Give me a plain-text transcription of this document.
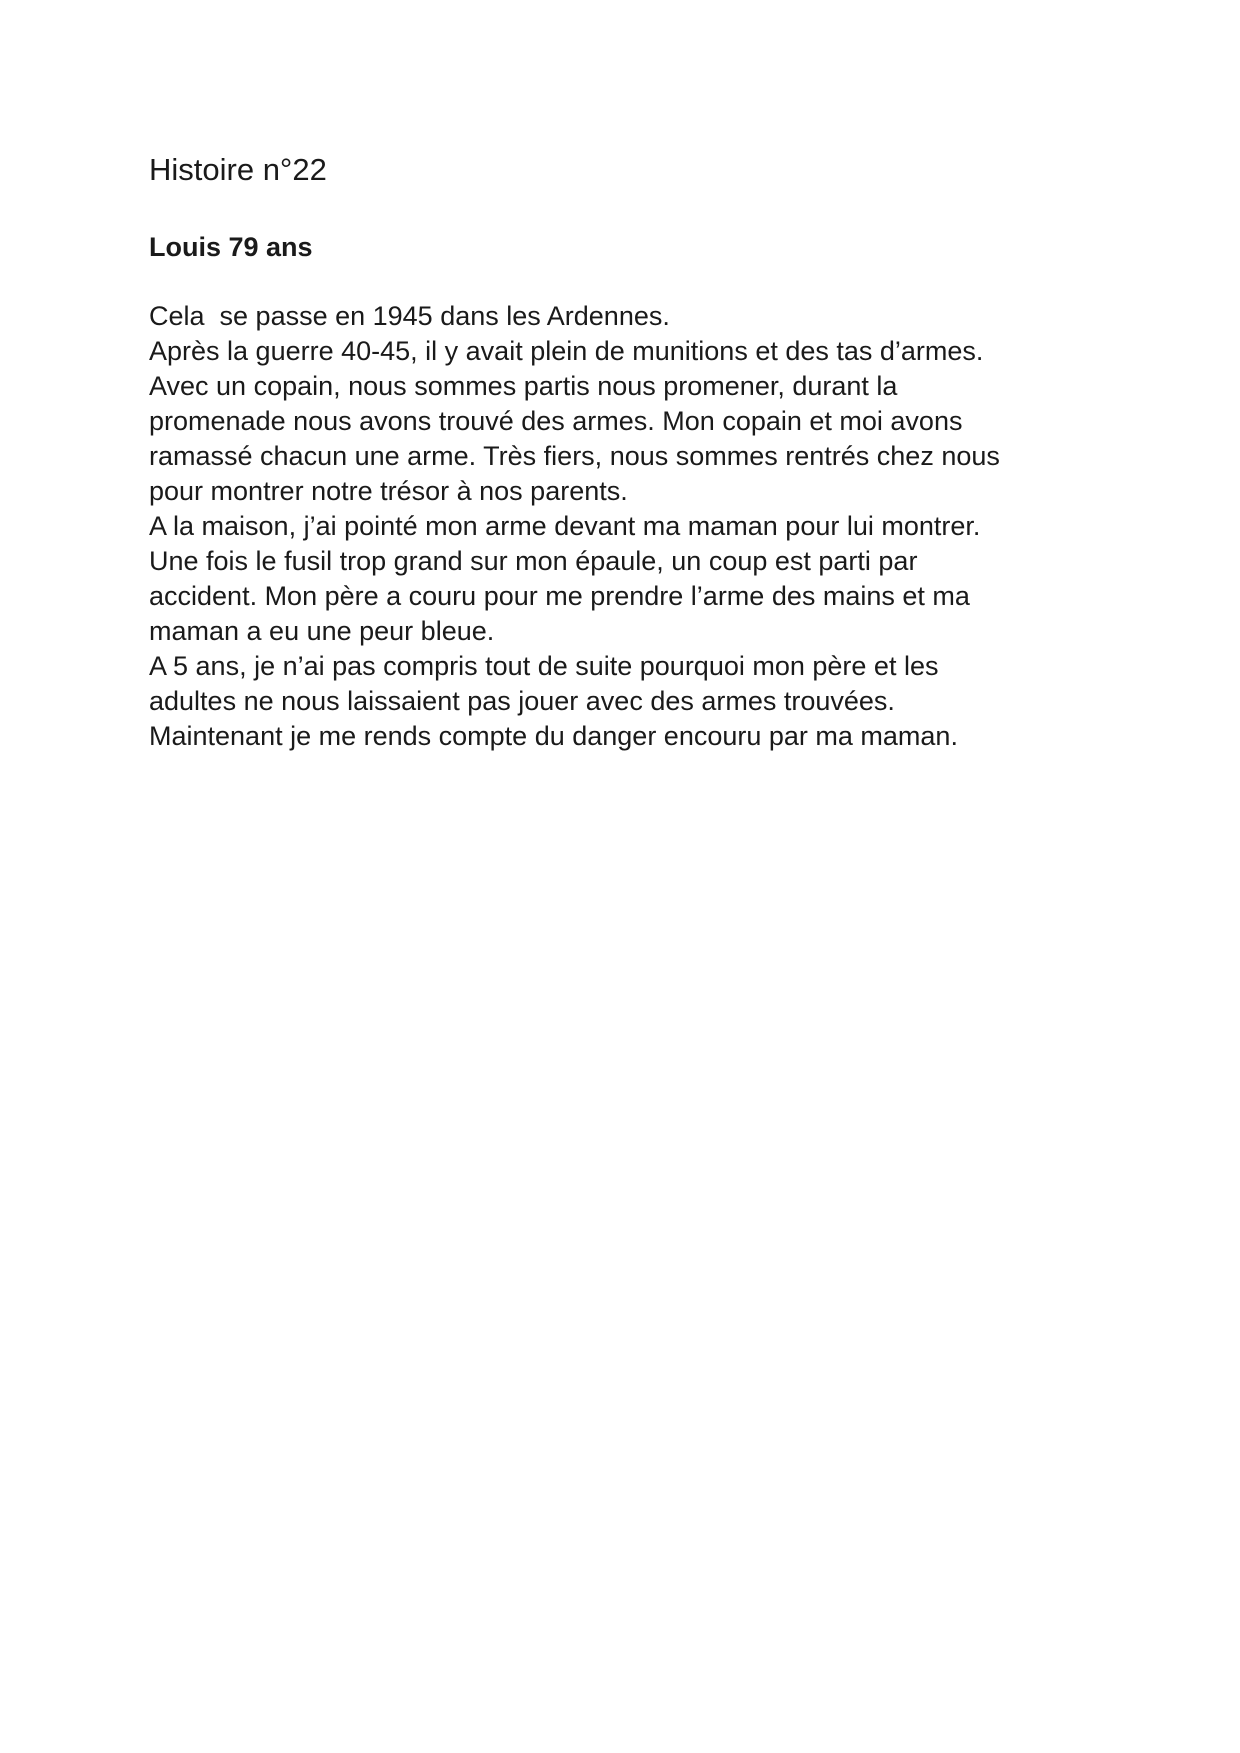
Histoire n°22
Louis 79 ans
Cela  se passe en 1945 dans les Ardennes.
Après la guerre 40-45, il y avait plein de munitions et des tas d’armes.
Avec un copain, nous sommes partis nous promener, durant la
promenade nous avons trouvé des armes. Mon copain et moi avons
ramassé chacun une arme. Très fiers, nous sommes rentrés chez nous
pour montrer notre trésor à nos parents.
A la maison, j’ai pointé mon arme devant ma maman pour lui montrer.
Une fois le fusil trop grand sur mon épaule, un coup est parti par
accident. Mon père a couru pour me prendre l’arme des mains et ma
maman a eu une peur bleue.
A 5 ans, je n’ai pas compris tout de suite pourquoi mon père et les
adultes ne nous laissaient pas jouer avec des armes trouvées.
Maintenant je me rends compte du danger encouru par ma maman.
